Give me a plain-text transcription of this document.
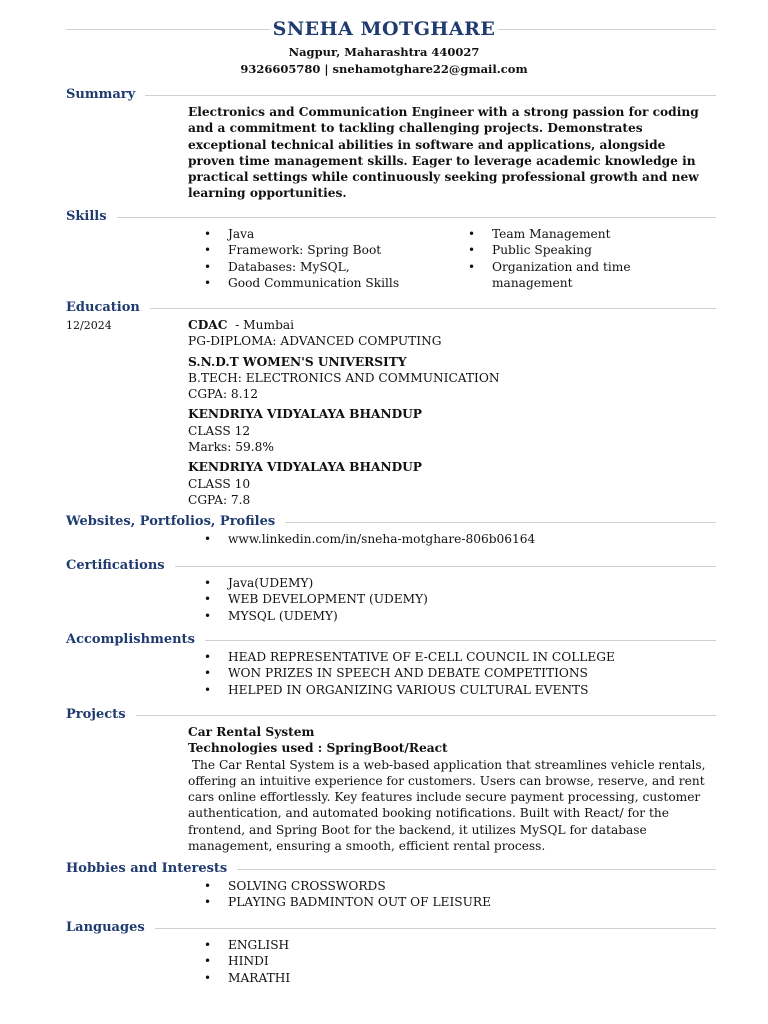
SNEHA MOTGHARE
Nagpur, Maharashtra 440027
9326605780 | snehamotghare22@gmail.com
Summary
Electronics and Communication Engineer with a strong passion for coding and a commitment to tackling challenging projects. Demonstrates exceptional technical abilities in software and applications, alongside proven time management skills. Eager to leverage academic knowledge in practical settings while continuously seeking professional growth and new learning opportunities.
Skills
• Java
• Framework: Spring Boot
• Databases: MySQL,
• Good Communication Skills
• Team Management
• Public Speaking
• Organization and time management
Education
12/2024	CDAC - Mumbai
PG-DIPLOMA: ADVANCED COMPUTING
S.N.D.T WOMEN'S UNIVERSITY
B.TECH: ELECTRONICS AND COMMUNICATION
CGPA: 8.12
KENDRIYA VIDYALAYA BHANDUP
CLASS 12
Marks: 59.8%
KENDRIYA VIDYALAYA BHANDUP
CLASS 10
CGPA: 7.8
Websites, Portfolios, Profiles
• www.linkedin.com/in/sneha-motghare-806b06164
Certifications
• Java(UDEMY)
• WEB DEVELOPMENT (UDEMY)
• MYSQL (UDEMY)
Accomplishments
• HEAD REPRESENTATIVE OF E-CELL COUNCIL IN COLLEGE
• WON PRIZES IN SPEECH AND DEBATE COMPETITIONS
• HELPED IN ORGANIZING VARIOUS CULTURAL EVENTS
Projects
Car Rental System
Technologies used : SpringBoot/React
The Car Rental System is a web-based application that streamlines vehicle rentals, offering an intuitive experience for customers. Users can browse, reserve, and rent cars online effortlessly. Key features include secure payment processing, customer authentication, and automated booking notifications. Built with React/ for the frontend, and Spring Boot for the backend, it utilizes MySQL for database management, ensuring a smooth, efficient rental process.
Hobbies and Interests
• SOLVING CROSSWORDS
• PLAYING BADMINTON OUT OF LEISURE
Languages
• ENGLISH
• HINDI
• MARATHI
